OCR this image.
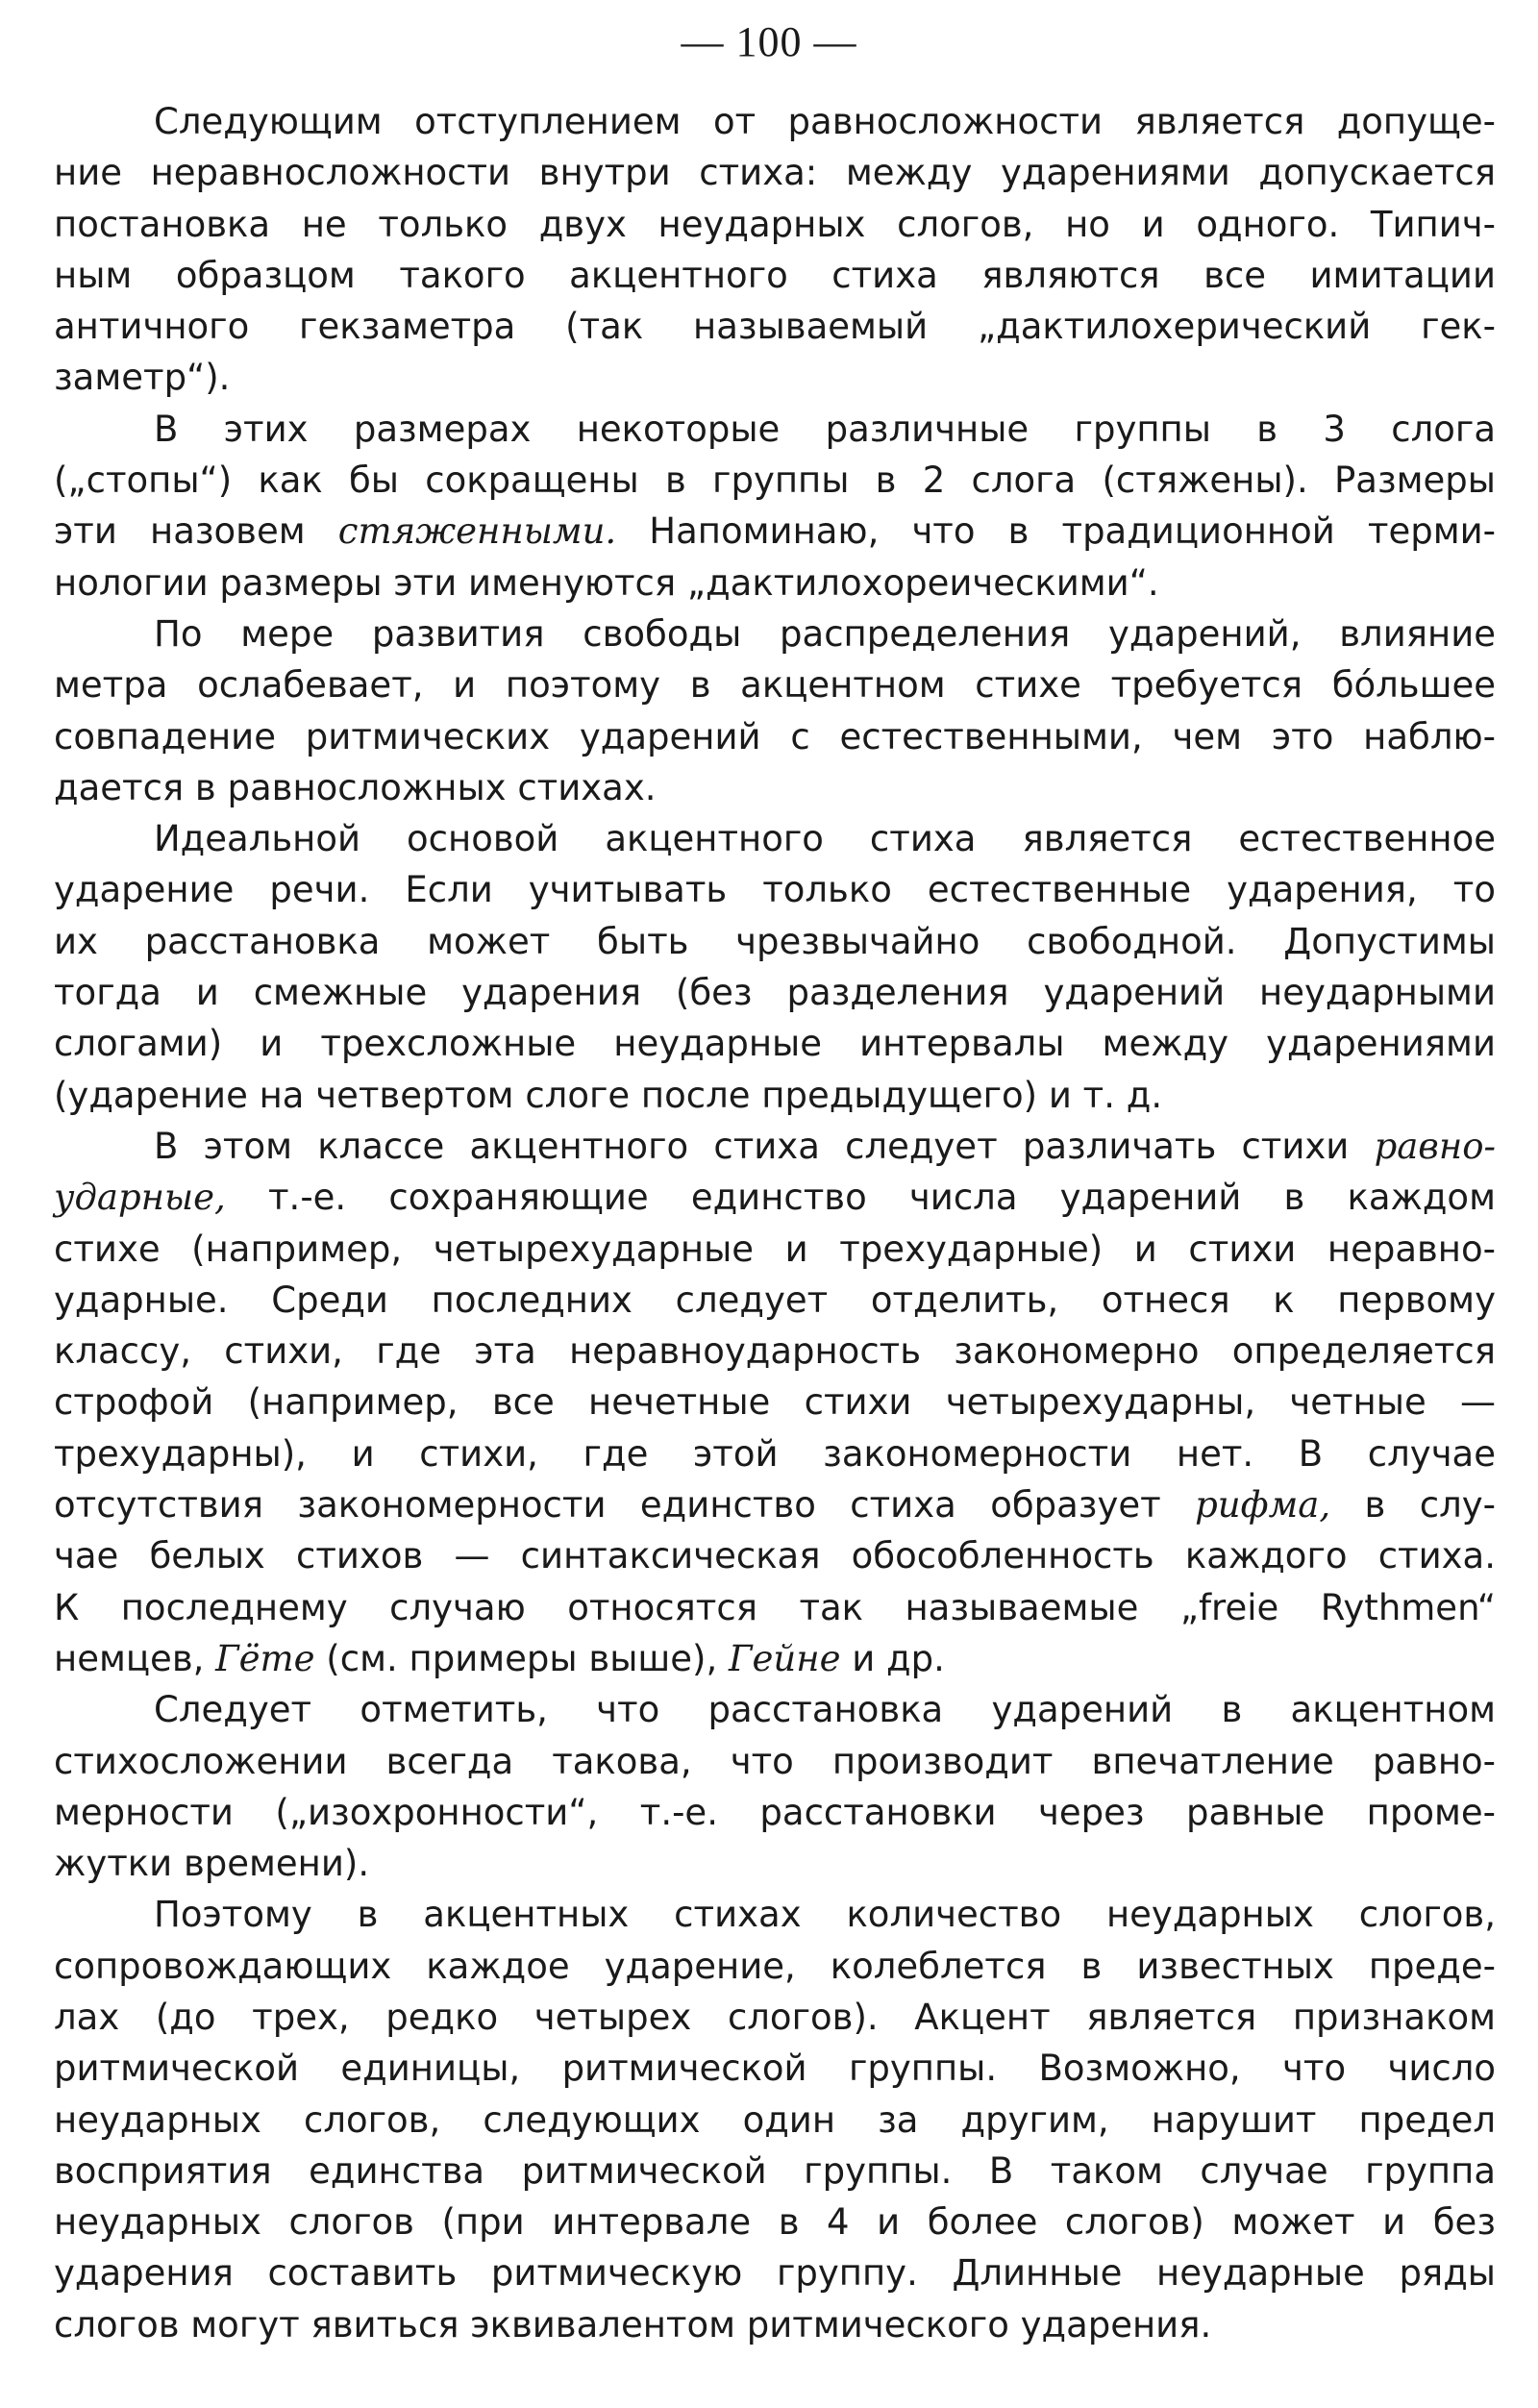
— 100 —
Следующим отступлением от равносложности является допуще-
ние неравносложности внутри стиха: между ударениями допускается
постановка не только двух неударных слогов, но и одного. Типич-
ным образцом такого акцентного стиха являются все имитации
античного гекзаметра (так называемый „дактилохерический гек-
заметр“).
В этих размерах некоторые различные группы в 3 слога
(„стопы“) как бы сокращены в группы в 2 слога (стяжены). Размеры
эти назовем стяженными. Напоминаю, что в традиционной терми-
нологии размеры эти именуются „дактилохореическими“.
По мере развития свободы распределения ударений, влияние
метра ослабевает, и поэтому в акцентном стихе требуется бóльшее
совпадение ритмических ударений с естественными, чем это наблю-
дается в равносложных стихах.
Идеальной основой акцентного стиха является естественное
ударение речи. Если учитывать только естественные ударения, то
их расстановка может быть чрезвычайно свободной. Допустимы
тогда и смежные ударения (без разделения ударений неударными
слогами) и трехсложные неударные интервалы между ударениями
(ударение на четвертом слоге после предыдущего) и т. д.
В этом классе акцентного стиха следует различать стихи равно-
ударные, т.-е. сохраняющие единство числа ударений в каждом
стихе (например, четырехударные и трехударные) и стихи неравно-
ударные. Среди последних следует отделить, отнеся к первому
классу, стихи, где эта неравноударность закономерно определяется
строфой (например, все нечетные стихи четырехударны, четные —
трехударны), и стихи, где этой закономерности нет. В случае
отсутствия закономерности единство стиха образует рифма, в слу-
чае белых стихов — синтаксическая обособленность каждого стиха.
К последнему случаю относятся так называемые „freie Rythmen“
немцев, Гёте (см. примеры выше), Гейне и др.
Следует отметить, что расстановка ударений в акцентном
стихосложении всегда такова, что производит впечатление равно-
мерности („изохронности“, т.-е. расстановки через равные проме-
жутки времени).
Поэтому в акцентных стихах количество неударных слогов,
сопровождающих каждое ударение, колеблется в известных преде-
лах (до трех, редко четырех слогов). Акцент является признаком
ритмической единицы, ритмической группы. Возможно, что число
неударных слогов, следующих один за другим, нарушит предел
восприятия единства ритмической группы. В таком случае группа
неударных слогов (при интервале в 4 и более слогов) может и без
ударения составить ритмическую группу. Длинные неударные ряды
слогов могут явиться эквивалентом ритмического ударения.
